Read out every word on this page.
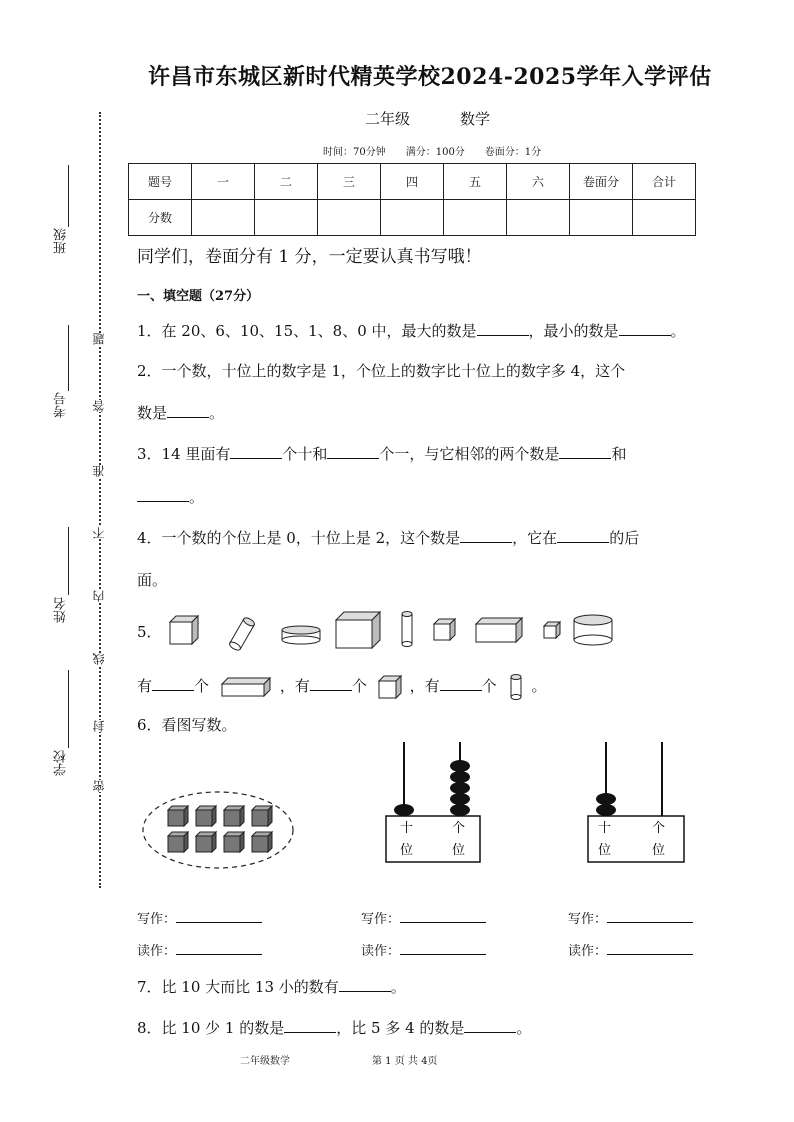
许昌市东城区新时代精英学校2024-2025学年入学评估
二年级	数学
时间：70分钟　　满分：100分　　卷面分：1分
班级
考号
姓名
学校
密
封
线
内
不
准
答
题
题号	一	二	三	四	五	六	卷面分	合计
分数								
同学们，卷面分有 1 分，一定要认真书写哦！
一、填空题（27分）
1．在 20、6、10、15、1、8、0 中，最大的数是	，最小的数是	。
2．一个数，十位上的数字是 1，个位上的数字比十位上的数字多 4，这个
数是	。
3．14 里面有	个十和	个一，与它相邻的两个数是	和
。
4．一个数的个位上是 0，十位上是 2，这个数是	，它在	的后
面。
5．
有	个	，有	个	，有	个 。
6．看图写数。
十
位
个
位
十
位
个
位
写作：
读作：
写作：
读作：
写作：
读作：
7．比 10 大而比 13 小的数有	。
8．比 10 少 1 的数是	，比 5 多 4 的数是	。
二年级数学	第 1 页 共 4页
